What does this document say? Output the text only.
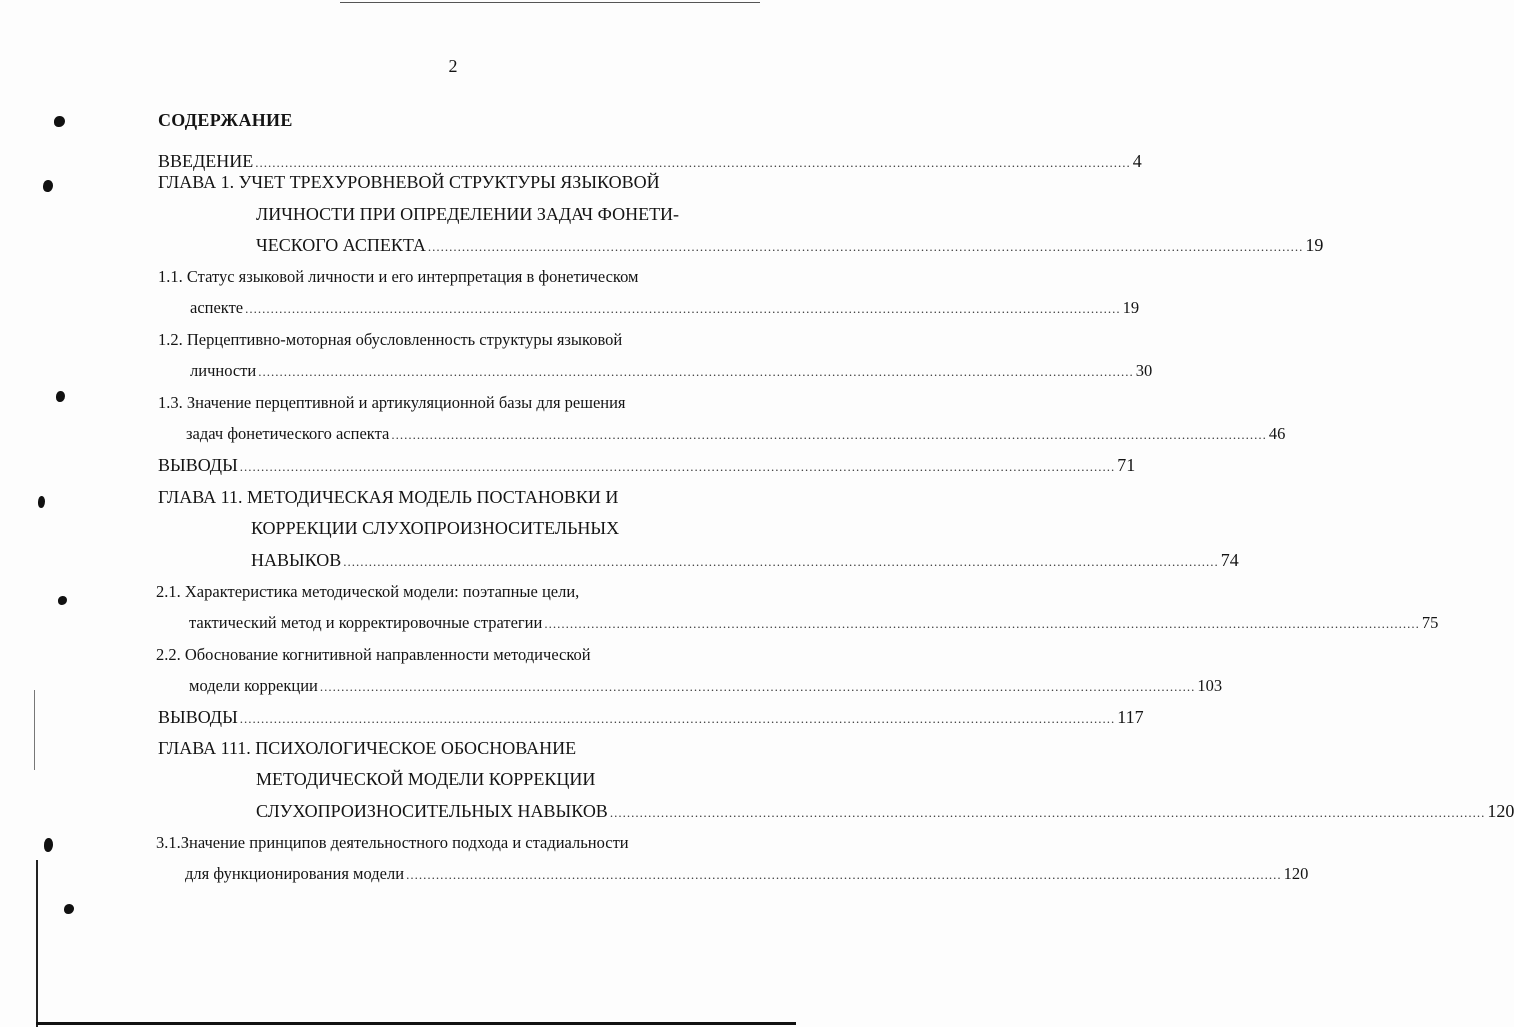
2
СОДЕРЖАНИЕ
ВВЕДЕНИЕ .............................................................................................................................................................................................................. 4
ГЛАВА 1. УЧЕТ ТРЕХУРОВНЕВОЙ СТРУКТУРЫ ЯЗЫКОВОЙ
ЛИЧНОСТИ ПРИ ОПРЕДЕЛЕНИИ ЗАДАЧ ФОНЕТИ-
ЧЕСКОГО АСПЕКТА .............................................................................................................................................................................................................. 19
1.1. Статус языковой личности и его интерпретация в фонетическом
аспекте .............................................................................................................................................................................................................. 19
1.2. Перцептивно-моторная обусловленность структуры языковой
личности .............................................................................................................................................................................................................. 30
1.3. Значение перцептивной и артикуляционной базы для решения
задач фонетического аспекта .............................................................................................................................................................................................................. 46
ВЫВОДЫ .............................................................................................................................................................................................................. 71
ГЛАВА 11. МЕТОДИЧЕСКАЯ МОДЕЛЬ ПОСТАНОВКИ И
КОРРЕКЦИИ СЛУХОПРОИЗНОСИТЕЛЬНЫХ
НАВЫКОВ .............................................................................................................................................................................................................. 74
2.1. Характеристика методической модели: поэтапные цели,
тактический метод и корректировочные стратегии .............................................................................................................................................................................................................. 75
2.2. Обоснование когнитивной направленности методической
модели коррекции .............................................................................................................................................................................................................. 103
ВЫВОДЫ .............................................................................................................................................................................................................. 117
ГЛАВА 111. ПСИХОЛОГИЧЕСКОЕ ОБОСНОВАНИЕ
МЕТОДИЧЕСКОЙ МОДЕЛИ КОРРЕКЦИИ
СЛУХОПРОИЗНОСИТЕЛЬНЫХ НАВЫКОВ .............................................................................................................................................................................................................. 120
3.1.Значение принципов деятельностного подхода и стадиальности
для функционирования модели .............................................................................................................................................................................................................. 120
